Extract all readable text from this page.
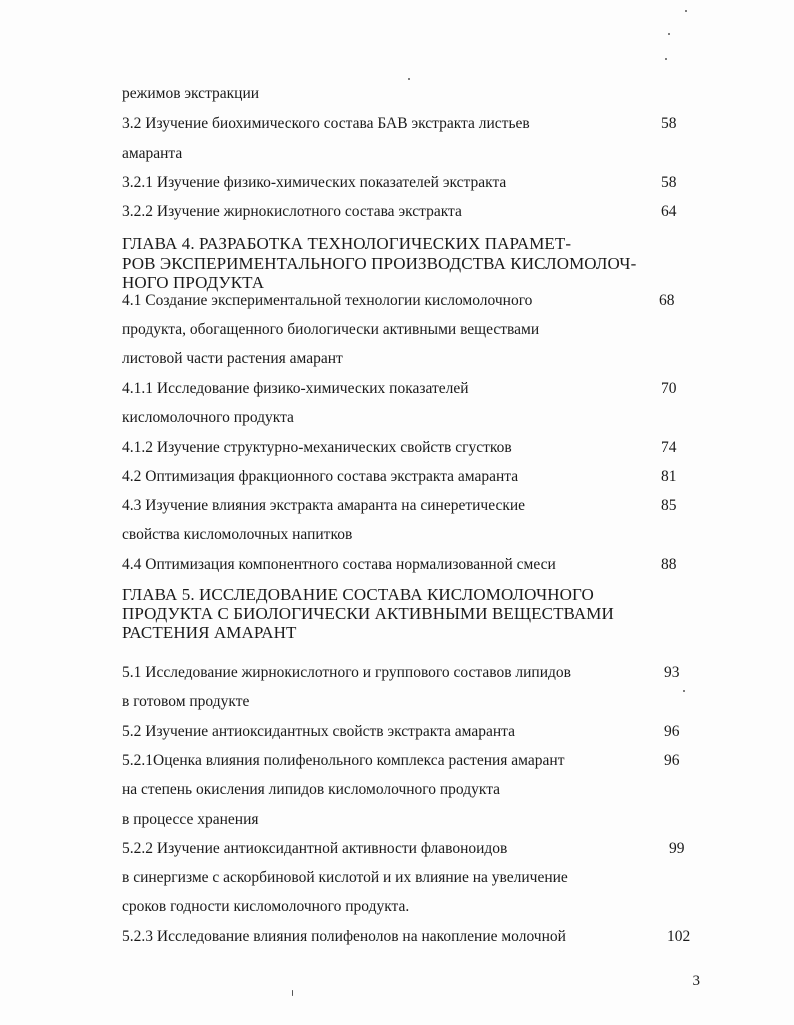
режимов экстракции
3.2 Изучение биохимического состава БАВ экстракта листьев	58
амаранта
3.2.1 Изучение физико-химических показателей экстракта	58
3.2.2 Изучение жирнокислотного состава экстракта	64
ГЛАВА 4. РАЗРАБОТКА ТЕХНОЛОГИЧЕСКИХ ПАРАМЕТ-
РОВ ЭКСПЕРИМЕНТАЛЬНОГО ПРОИЗВОДСТВА КИСЛОМОЛОЧ-
НОГО ПРОДУКТА
4.1 Создание экспериментальной технологии кисломолочного	68
продукта, обогащенного биологически активными веществами
листовой части растения амарант
4.1.1 Исследование физико-химических показателей	70
кисломолочного продукта
4.1.2 Изучение структурно-механических свойств сгустков	74
4.2 Оптимизация фракционного состава экстракта амаранта	81
4.3 Изучение влияния экстракта амаранта на синеретические	85
свойства кисломолочных напитков
4.4 Оптимизация компонентного состава нормализованной смеси	88
ГЛАВА 5. ИССЛЕДОВАНИЕ СОСТАВА КИСЛОМОЛОЧНОГО
ПРОДУКТА С БИОЛОГИЧЕСКИ АКТИВНЫМИ ВЕЩЕСТВАМИ
РАСТЕНИЯ АМАРАНТ
5.1 Исследование жирнокислотного и группового составов липидов	93
в готовом продукте
5.2 Изучение антиоксидантных свойств экстракта амаранта	96
5.2.1Оценка влияния полифенольного комплекса растения амарант	96
на степень окисления липидов кисломолочного продукта
в процессе хранения
5.2.2 Изучение антиоксидантной активности флавоноидов	99
в синергизме с аскорбиновой кислотой и их влияние на увеличение
сроков годности кисломолочного продукта.
5.2.3 Исследование влияния полифенолов на накопление молочной	102
3
